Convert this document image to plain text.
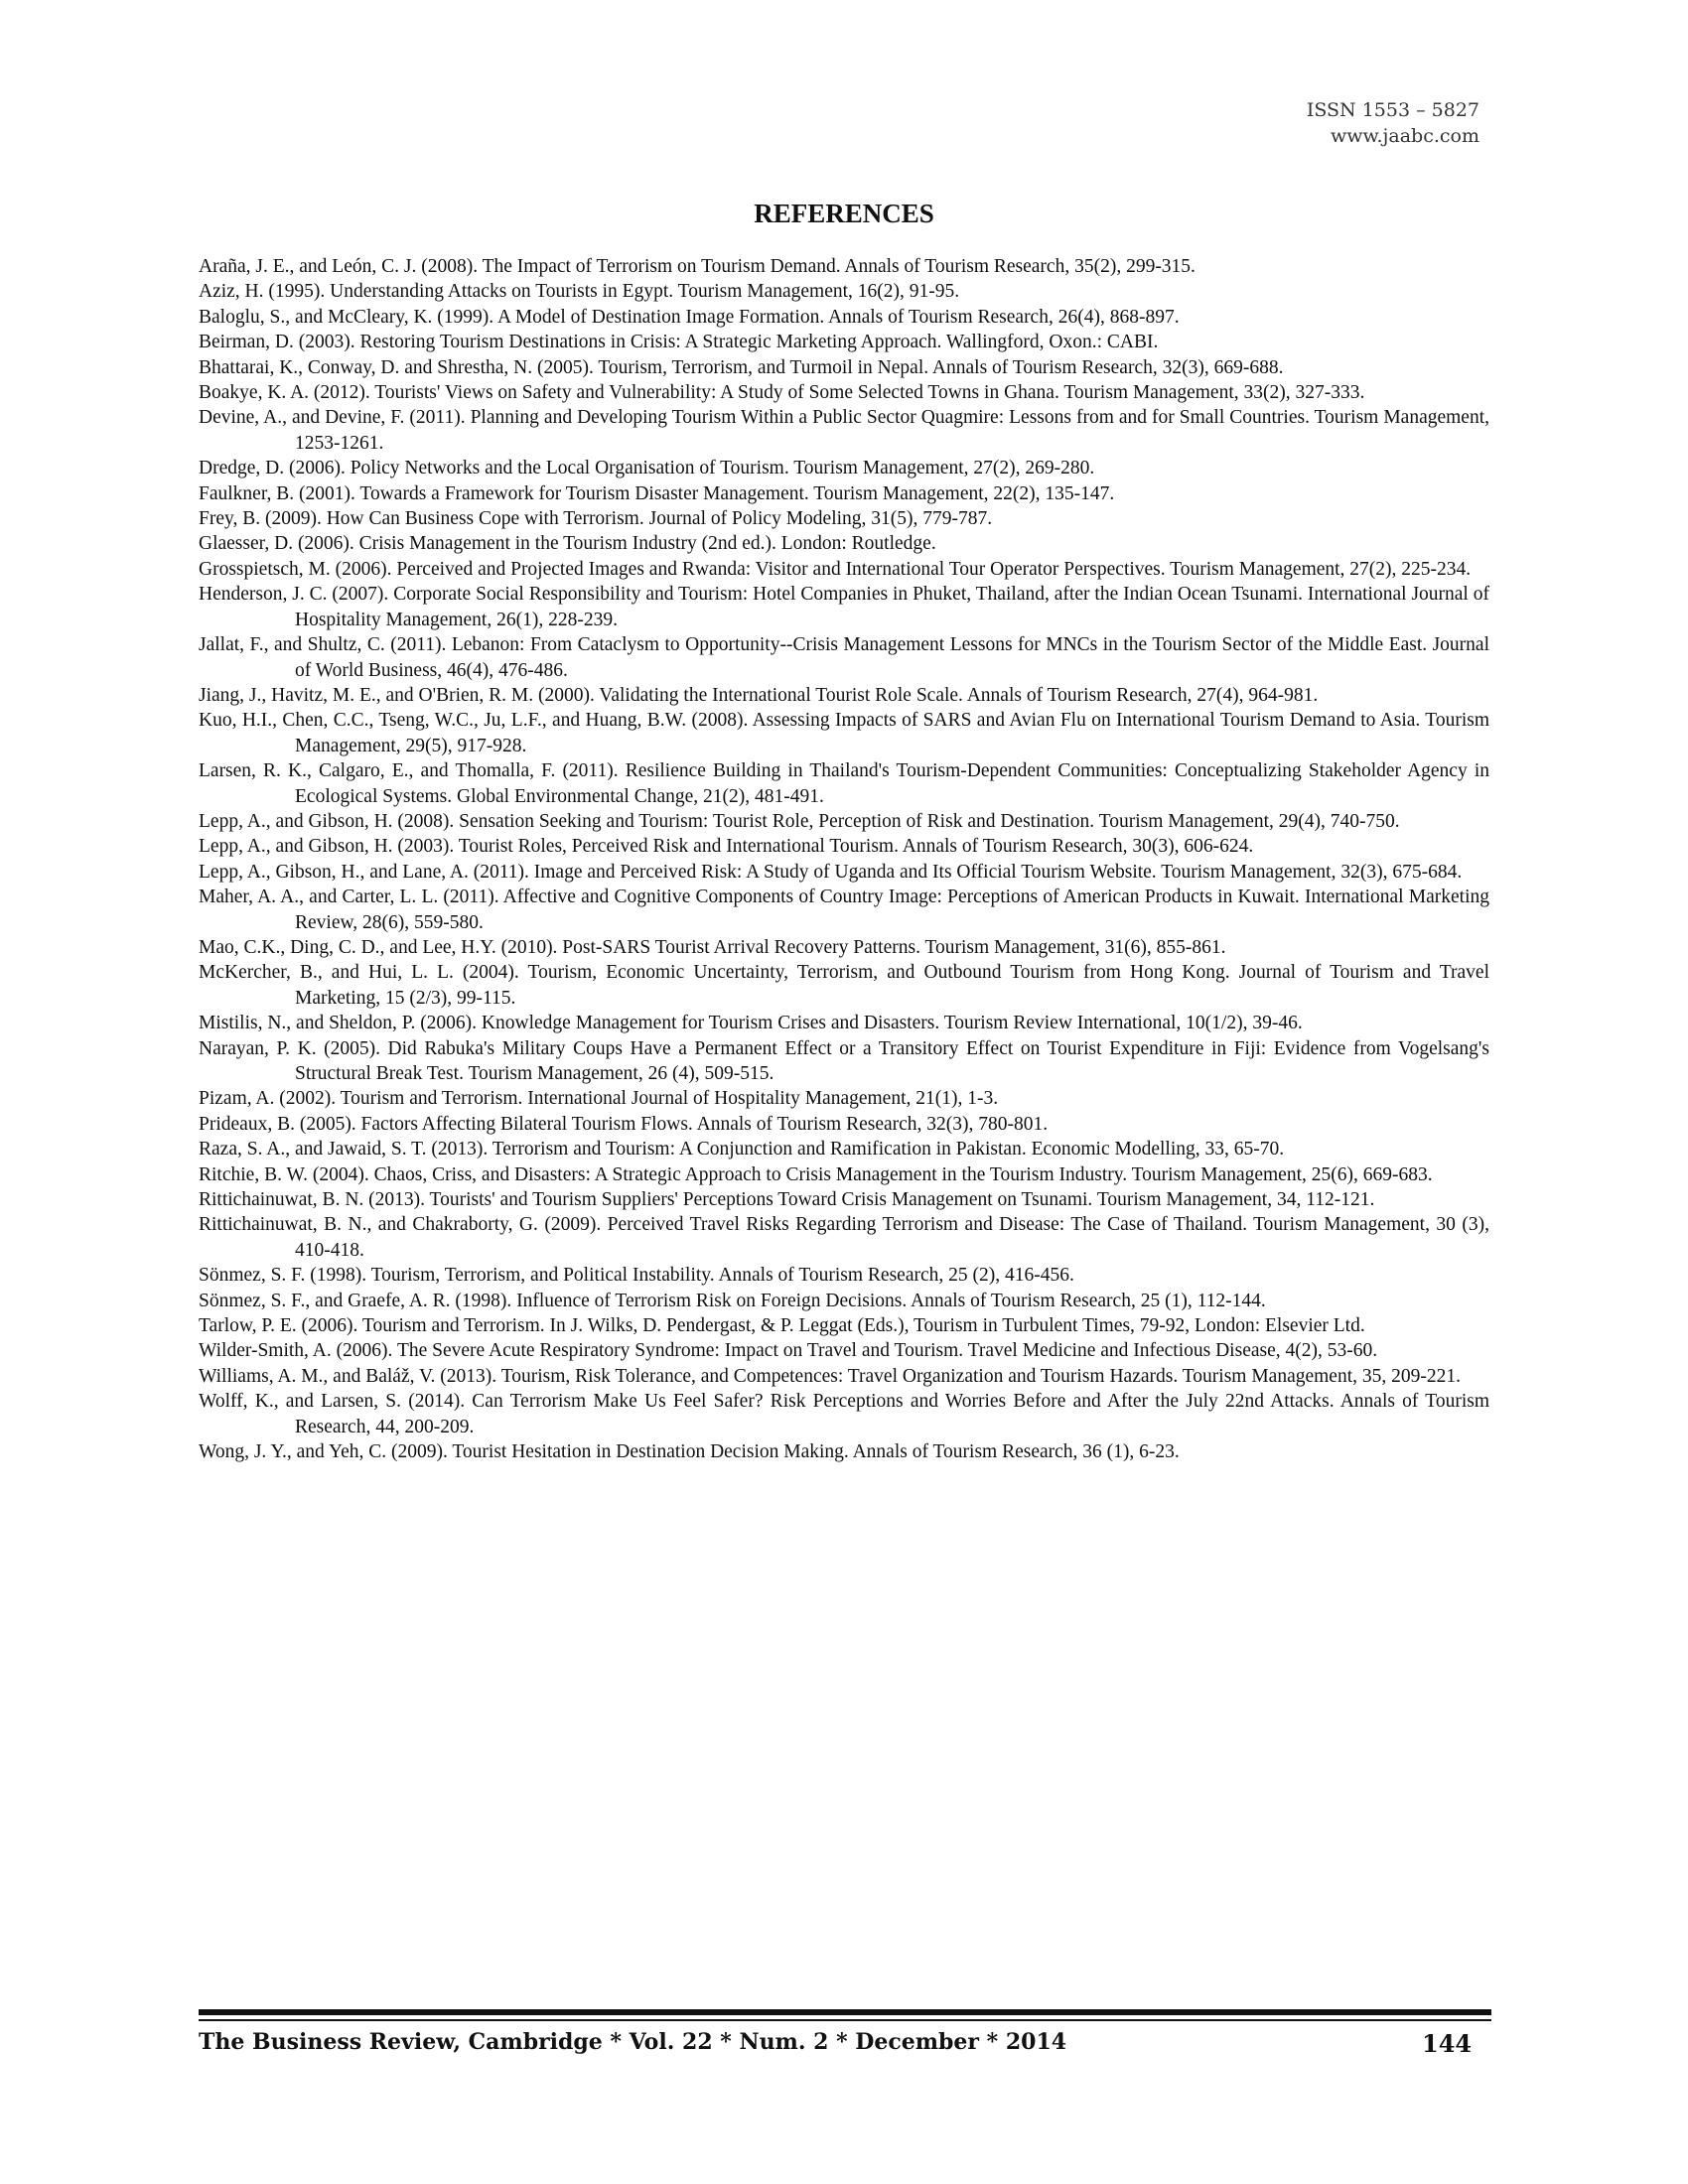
ISSN 1553 – 5827
www.jaabc.com
REFERENCES
Araña, J. E., and León, C. J. (2008). The Impact of Terrorism on Tourism Demand. Annals of Tourism Research, 35(2), 299-315.
Aziz, H. (1995). Understanding Attacks on Tourists in Egypt. Tourism Management, 16(2), 91-95.
Baloglu, S., and McCleary, K. (1999). A Model of Destination Image Formation. Annals of Tourism Research, 26(4), 868-897.
Beirman, D. (2003). Restoring Tourism Destinations in Crisis: A Strategic Marketing Approach. Wallingford, Oxon.: CABI.
Bhattarai, K., Conway, D. and Shrestha, N. (2005). Tourism, Terrorism, and Turmoil in Nepal. Annals of Tourism Research, 32(3), 669-688.
Boakye, K. A. (2012). Tourists' Views on Safety and Vulnerability: A Study of Some Selected Towns in Ghana. Tourism Management, 33(2), 327-333.
Devine, A., and Devine, F. (2011). Planning and Developing Tourism Within a Public Sector Quagmire: Lessons from and for Small Countries. Tourism Management, 1253-1261.
Dredge, D. (2006). Policy Networks and the Local Organisation of Tourism. Tourism Management, 27(2), 269-280.
Faulkner, B. (2001). Towards a Framework for Tourism Disaster Management. Tourism Management, 22(2), 135-147.
Frey, B. (2009). How Can Business Cope with Terrorism. Journal of Policy Modeling, 31(5), 779-787.
Glaesser, D. (2006). Crisis Management in the Tourism Industry (2nd ed.). London: Routledge.
Grosspietsch, M. (2006). Perceived and Projected Images and Rwanda: Visitor and International Tour Operator Perspectives. Tourism Management, 27(2), 225-234.
Henderson, J. C. (2007). Corporate Social Responsibility and Tourism: Hotel Companies in Phuket, Thailand, after the Indian Ocean Tsunami. International Journal of Hospitality Management, 26(1), 228-239.
Jallat, F., and Shultz, C. (2011). Lebanon: From Cataclysm to Opportunity--Crisis Management Lessons for MNCs in the Tourism Sector of the Middle East. Journal of World Business, 46(4), 476-486.
Jiang, J., Havitz, M. E., and O'Brien, R. M. (2000). Validating the International Tourist Role Scale. Annals of Tourism Research, 27(4), 964-981.
Kuo, H.I., Chen, C.C., Tseng, W.C., Ju, L.F., and Huang, B.W. (2008). Assessing Impacts of SARS and Avian Flu on International Tourism Demand to Asia. Tourism Management, 29(5), 917-928.
Larsen, R. K., Calgaro, E., and Thomalla, F. (2011). Resilience Building in Thailand's Tourism-Dependent Communities: Conceptualizing Stakeholder Agency in Ecological Systems. Global Environmental Change, 21(2), 481-491.
Lepp, A., and Gibson, H. (2008). Sensation Seeking and Tourism: Tourist Role, Perception of Risk and Destination. Tourism Management, 29(4), 740-750.
Lepp, A., and Gibson, H. (2003). Tourist Roles, Perceived Risk and International Tourism. Annals of Tourism Research, 30(3), 606-624.
Lepp, A., Gibson, H., and Lane, A. (2011). Image and Perceived Risk: A Study of Uganda and Its Official Tourism Website. Tourism Management, 32(3), 675-684.
Maher, A. A., and Carter, L. L. (2011). Affective and Cognitive Components of Country Image: Perceptions of American Products in Kuwait. International Marketing Review, 28(6), 559-580.
Mao, C.K., Ding, C. D., and Lee, H.Y. (2010). Post-SARS Tourist Arrival Recovery Patterns. Tourism Management, 31(6), 855-861.
McKercher, B., and Hui, L. L. (2004). Tourism, Economic Uncertainty, Terrorism, and Outbound Tourism from Hong Kong. Journal of Tourism and Travel Marketing, 15 (2/3), 99-115.
Mistilis, N., and Sheldon, P. (2006). Knowledge Management for Tourism Crises and Disasters. Tourism Review International, 10(1/2), 39-46.
Narayan, P. K. (2005). Did Rabuka's Military Coups Have a Permanent Effect or a Transitory Effect on Tourist Expenditure in Fiji: Evidence from Vogelsang's Structural Break Test. Tourism Management, 26 (4), 509-515.
Pizam, A. (2002). Tourism and Terrorism. International Journal of Hospitality Management, 21(1), 1-3.
Prideaux, B. (2005). Factors Affecting Bilateral Tourism Flows. Annals of Tourism Research, 32(3), 780-801.
Raza, S. A., and Jawaid, S. T. (2013). Terrorism and Tourism: A Conjunction and Ramification in Pakistan. Economic Modelling, 33, 65-70.
Ritchie, B. W. (2004). Chaos, Criss, and Disasters: A Strategic Approach to Crisis Management in the Tourism Industry. Tourism Management, 25(6), 669-683.
Rittichainuwat, B. N. (2013). Tourists' and Tourism Suppliers' Perceptions Toward Crisis Management on Tsunami. Tourism Management, 34, 112-121.
Rittichainuwat, B. N., and Chakraborty, G. (2009). Perceived Travel Risks Regarding Terrorism and Disease: The Case of Thailand. Tourism Management, 30 (3), 410-418.
Sönmez, S. F. (1998). Tourism, Terrorism, and Political Instability. Annals of Tourism Research, 25 (2), 416-456.
Sönmez, S. F., and Graefe, A. R. (1998). Influence of Terrorism Risk on Foreign Decisions. Annals of Tourism Research, 25 (1), 112-144.
Tarlow, P. E. (2006). Tourism and Terrorism. In J. Wilks, D. Pendergast, & P. Leggat (Eds.), Tourism in Turbulent Times, 79-92, London: Elsevier Ltd.
Wilder-Smith, A. (2006). The Severe Acute Respiratory Syndrome: Impact on Travel and Tourism. Travel Medicine and Infectious Disease, 4(2), 53-60.
Williams, A. M., and Baláž, V. (2013). Tourism, Risk Tolerance, and Competences: Travel Organization and Tourism Hazards. Tourism Management, 35, 209-221.
Wolff, K., and Larsen, S. (2014). Can Terrorism Make Us Feel Safer? Risk Perceptions and Worries Before and After the July 22nd Attacks. Annals of Tourism Research, 44, 200-209.
Wong, J. Y., and Yeh, C. (2009). Tourist Hesitation in Destination Decision Making. Annals of Tourism Research, 36 (1), 6-23.
The Business Review, Cambridge * Vol. 22 * Num. 2 * December * 2014	144
